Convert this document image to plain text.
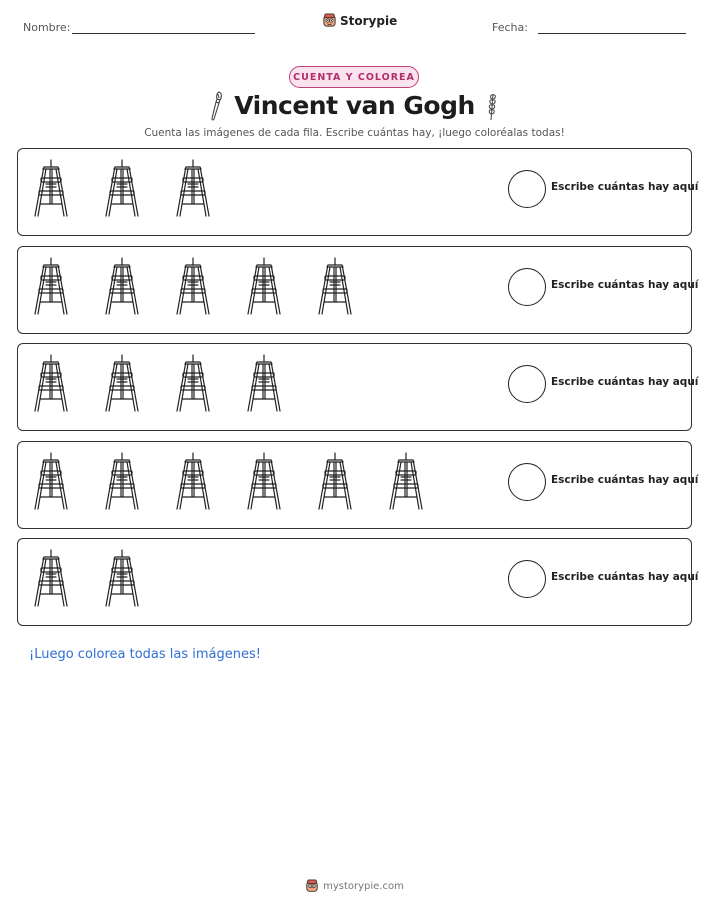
Nombre:	Storypie	Fecha:
CUENTA Y COLOREA
Vincent van Gogh
Cuenta las imágenes de cada fila. Escribe cuántas hay, ¡luego coloréalas todas!
Escribe cuántas hay aquí
Escribe cuántas hay aquí
Escribe cuántas hay aquí
Escribe cuántas hay aquí
Escribe cuántas hay aquí
¡Luego colorea todas las imágenes!
mystorypie.com
